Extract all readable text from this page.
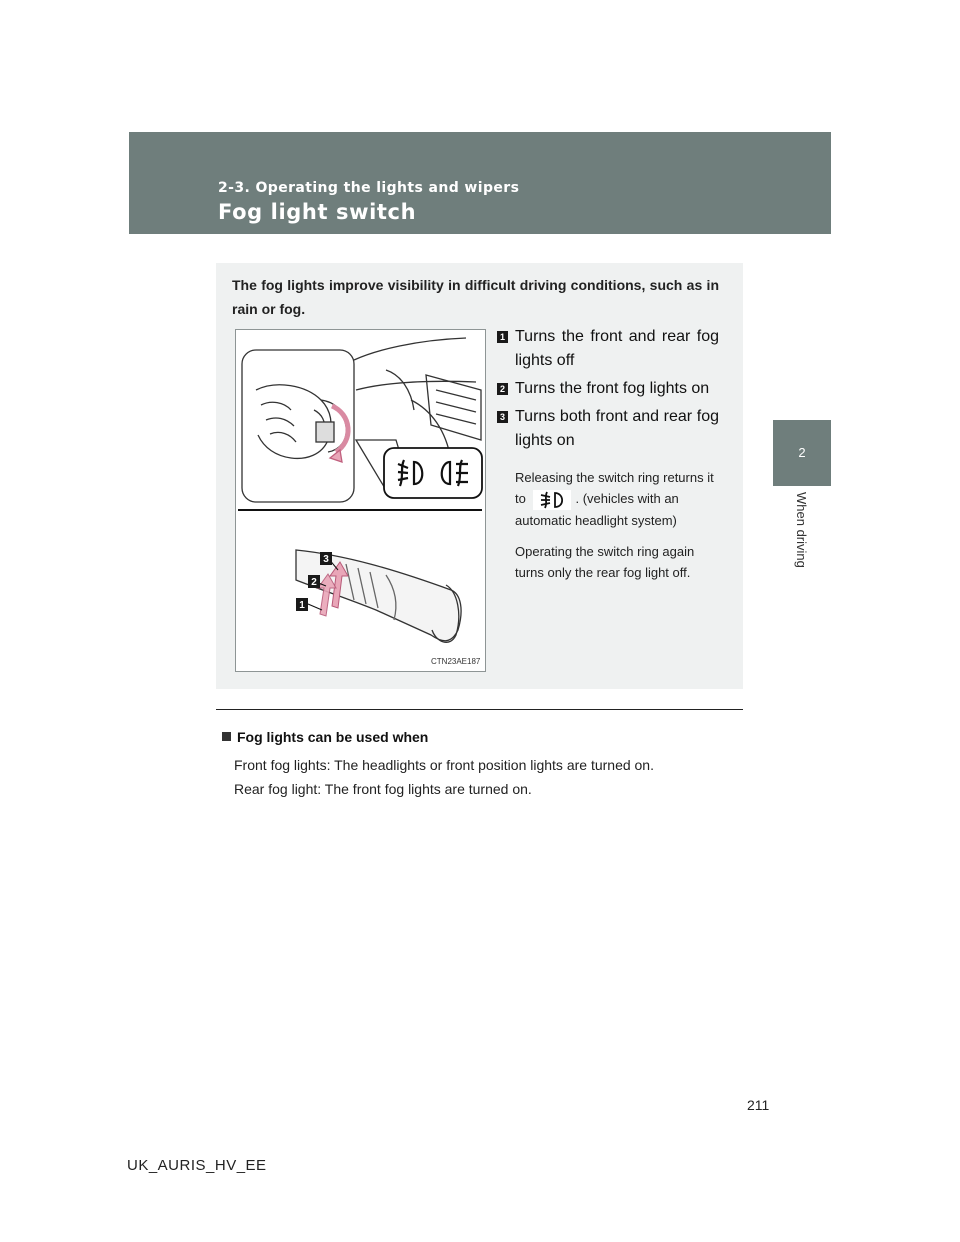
2-3. Operating the lights and wipers
Fog light switch
2
When driving
The fog lights improve visibility in difficult driving conditions, such as in rain or fog.
3
2
1
CTN23AE187
1 Turns the front and rear fog lights off
2 Turns the front fog lights on
3 Turns both front and rear fog lights on
Releasing the switch ring returns it to	. (vehicles with an automatic headlight system)
Operating the switch ring again turns only the rear fog light off.
Fog lights can be used when
Front fog lights: The headlights or front position lights are turned on.
Rear fog light: The front fog lights are turned on.
211
UK_AURIS_HV_EE
